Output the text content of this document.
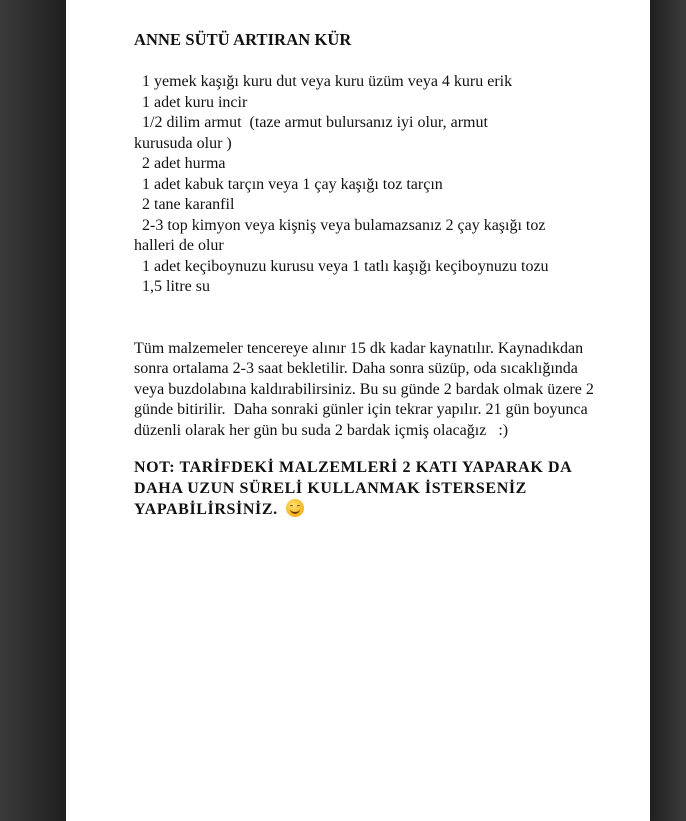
ANNE SÜTÜ ARTIRAN KÜR
1 yemek kaşığı kuru dut veya kuru üzüm veya 4 kuru erik
1 adet kuru incir
1/2 dilim armut  (taze armut bulursanız iyi olur, armut kurusuda olur )
2 adet hurma
1 adet kabuk tarçın veya 1 çay kaşığı toz tarçın
2 tane karanfil
2-3 top kimyon veya kişniş veya bulamazsanız 2 çay kaşığı toz halleri de olur
1 adet keçiboynuzu kurusu veya 1 tatlı kaşığı keçiboynuzu tozu
1,5 litre su
Tüm malzemeler tencereye alınır 15 dk kadar kaynatılır. Kaynadıkdan sonra ortalama 2-3 saat bekletilir. Daha sonra süzüp, oda sıcaklığında veya buzdolabına kaldırabilirsiniz. Bu su günde 2 bardak olmak üzere 2 günde bitirilir.  Daha sonraki günler için tekrar yapılır. 21 gün boyunca düzenli olarak her gün bu suda 2 bardak içmiş olacağız   :)
NOT: TARİFDEKİ MALZEMLERİ 2 KATI YAPARAK DA DAHA UZUN SÜRELİ KULLANMAK İSTERSENİZ YAPABİLİRSİNİZ.
